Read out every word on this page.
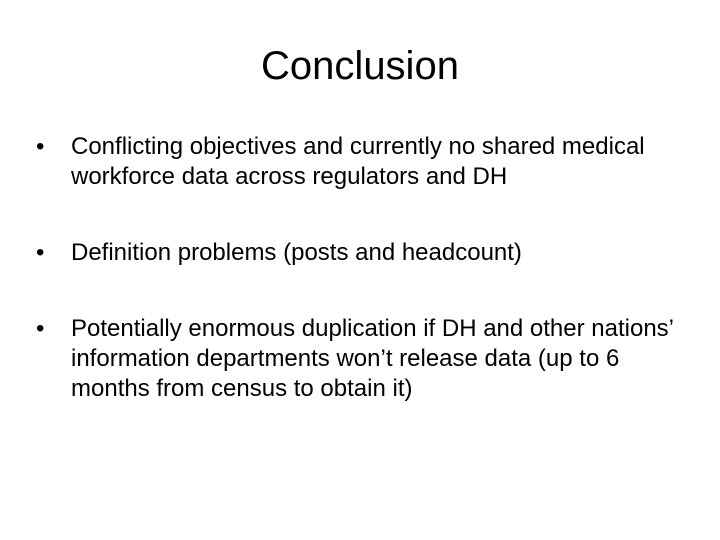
Conclusion
•	Conflicting objectives and currently no shared medical workforce data across regulators and DH
•	Definition problems (posts and headcount)
•	Potentially enormous duplication if DH and other nations’ information departments won’t release data (up to 6 months from census to obtain it)
